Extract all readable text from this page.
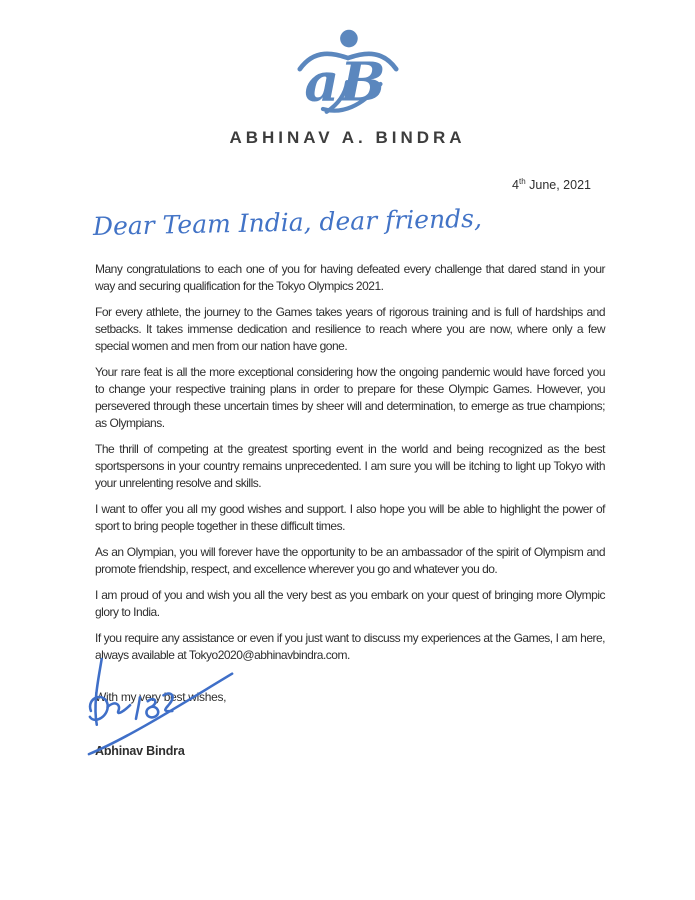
aB
ABHINAV A. BINDRA
4th June, 2021
Dear Team India, dear friends,

Many congratulations to each one of you for having defeated every challenge that dared stand in your way and securing qualification for the Tokyo Olympics 2021.

For every athlete, the journey to the Games takes years of rigorous training and is full of hardships and setbacks. It takes immense dedication and resilience to reach where you are now, where only a few special women and men from our nation have gone.

Your rare feat is all the more exceptional considering how the ongoing pandemic would have forced you to change your respective training plans in order to prepare for these Olympic Games. However, you persevered through these uncertain times by sheer will and determination, to emerge as true champions; as Olympians.

The thrill of competing at the greatest sporting event in the world and being recognized as the best sportspersons in your country remains unprecedented. I am sure you will be itching to light up Tokyo with your unrelenting resolve and skills.

I want to offer you all my good wishes and support. I also hope you will be able to highlight the power of sport to bring people together in these difficult times.

As an Olympian, you will forever have the opportunity to be an ambassador of the spirit of Olympism and promote friendship, respect, and excellence wherever you go and whatever you do.

I am proud of you and wish you all the very best as you embark on your quest of bringing more Olympic glory to India.

If you require any assistance or even if you just want to discuss my experiences at the Games, I am here, always available at Tokyo2020@abhinavbindra.com.

With my very best wishes,
Abhinav Bindra
